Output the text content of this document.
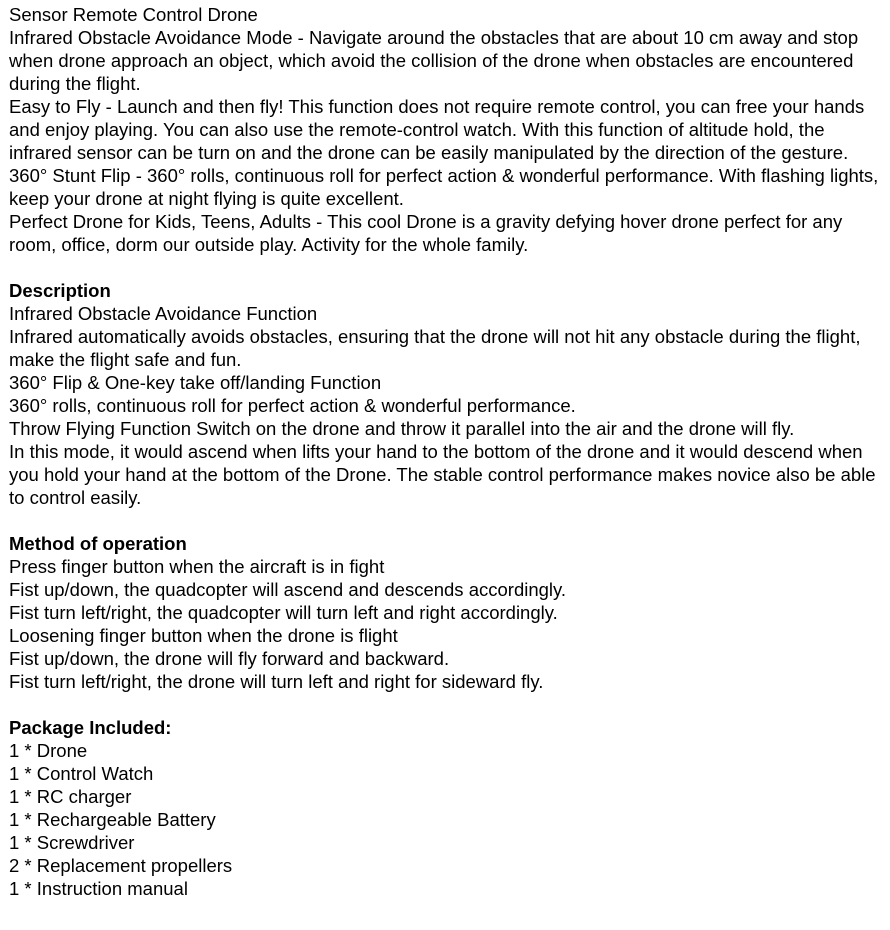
Sensor Remote Control Drone

Infrared Obstacle Avoidance Mode - Navigate around the obstacles that are about 10 cm away and stop when drone approach an object, which avoid the collision of the drone when obstacles are encountered during the flight.

Easy to Fly - Launch and then fly! This function does not require remote control, you can free your hands and enjoy playing. You can also use the remote-control watch. With this function of altitude hold, the infrared sensor can be turn on and the drone can be easily manipulated by the direction of the gesture.

360° Stunt Flip - 360° rolls, continuous roll for perfect action & wonderful performance. With flashing lights, keep your drone at night flying is quite excellent.

Perfect Drone for Kids, Teens, Adults - This cool Drone is a gravity defying hover drone perfect for any room, office, dorm our outside play. Activity for the whole family.

Description

Infrared Obstacle Avoidance Function

Infrared automatically avoids obstacles, ensuring that the drone will not hit any obstacle during the flight, make the flight safe and fun.

360° Flip & One-key take off/landing Function

360° rolls, continuous roll for perfect action & wonderful performance.

Throw Flying Function Switch on the drone and throw it parallel into the air and the drone will fly.

In this mode, it would ascend when lifts your hand to the bottom of the drone and it would descend when you hold your hand at the bottom of the Drone. The stable control performance makes novice also be able to control easily.

Method of operation

Press finger button when the aircraft is in fight

Fist up/down, the quadcopter will ascend and descends accordingly.

Fist turn left/right, the quadcopter will turn left and right accordingly.

Loosening finger button when the drone is flight

Fist up/down, the drone will fly forward and backward.

Fist turn left/right, the drone will turn left and right for sideward fly.

Package Included:

1 * Drone

1 * Control Watch

1 * RC charger

1 * Rechargeable Battery

1 * Screwdriver

2 * Replacement propellers

1 * Instruction manual
